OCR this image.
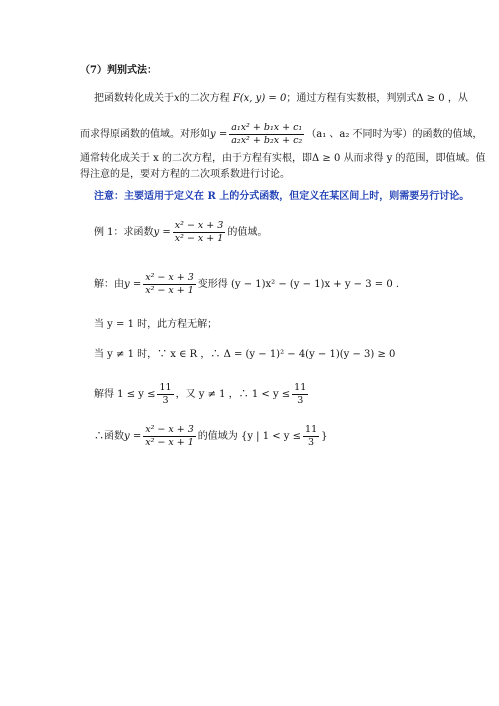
（7）判别式法：
把函数转化成关于x的二次方程 F(x, y) = 0；通过方程有实数根，判别式Δ ≥ 0 ，从
而求得原函数的值域。对形如$y = \frac{\text{a₁x² + b₁x + c₁}}{\text{a₂x² + b₂x + c₂}} (a_1$ 、a₂ 不同时为零）的函数的值域，
通常转化成关于 x 的二次方程，由于方程有实根，即Δ ≥ 0 从而求得 y 的范围，即值域。值
得注意的是，要对方程的二次项系数进行讨论。
注意：主要适用于定义在 R 上的分式函数，但定义在某区间上时，则需要另行讨论。
例 1：求函数$y = \frac{\text{x² − x + 3}}{\text{x² − x + 1}}$ 的值域。
解：由$y = \frac{\text{x² − x + 3}}{\text{x² − x + 1}}$ 变形得 (y − 1)x² − (y − 1)x + y − 3 = 0 .
当 y = 1 时，此方程无解；
当 y ≠ 1 时，∵ x ∈ R ，∴ Δ = (y − 1)² − 4(y − 1)(y − 3) ≥ 0
解得 $1 \le y \le \frac{11}{3}$ ，又 y ≠ 1 ，∴ $1 < y \le \frac{11}{3}$
∴函数$y = \frac{\text{x² − x + 3}}{\text{x² − x + 1}}$ 的值域为 {y | $1 < y \le \frac{11}{3}$ }
